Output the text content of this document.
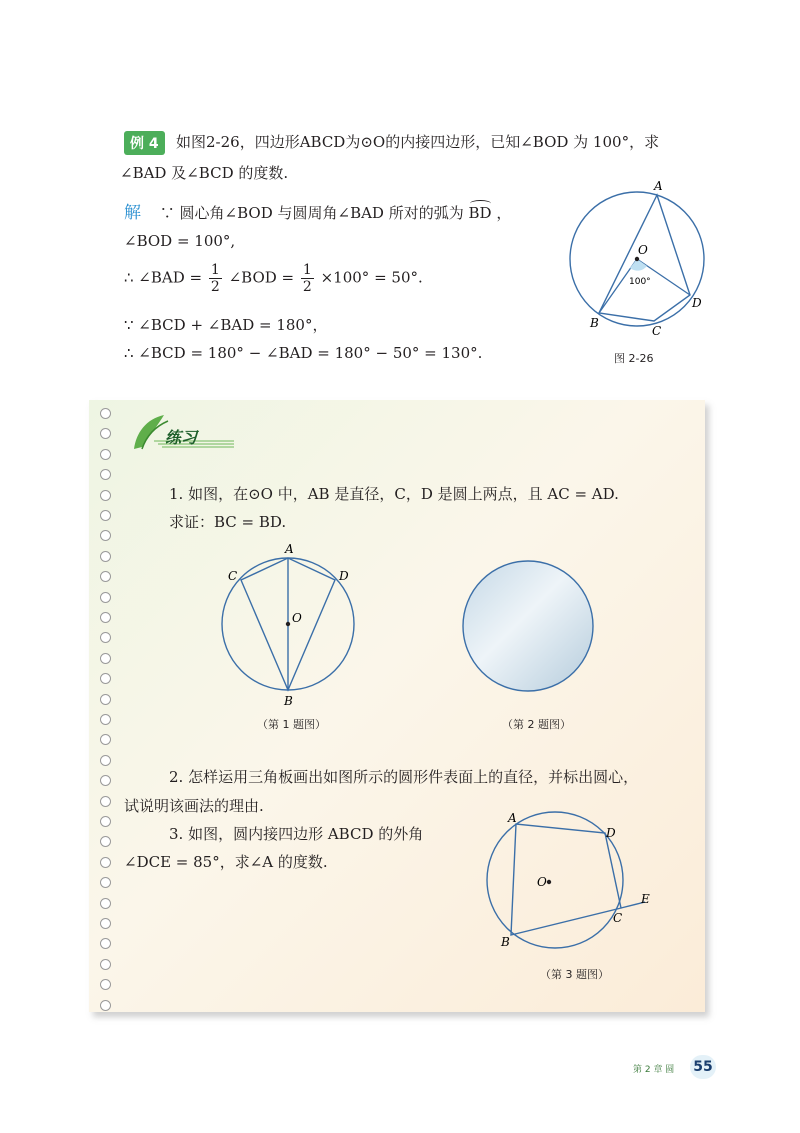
例 4	如图2-26，四边形ABCD为⊙O的内接四边形，已知∠BOD 为 100°，求
∠BAD 及∠BCD 的度数.
解 ∵ 圆心角∠BOD 与圆周角∠BAD 所对的弧为 BD ，
∠BOD = 100°,
∴ ∠BAD = $\frac{1}{2}$ ∠BOD = $\frac{1}{2} \times 100^\circ = 50^\circ$.
∵ ∠BCD + ∠BAD = 180°，
∴ ∠BCD = 180° − ∠BAD = 180° − 50° = 130°.
A
B
C
D
O
100°
图 2-26
练习
1. 如图，在⊙O 中，AB 是直径，C，D 是圆上两点，且 AC = AD.
求证：BC = BD.
A
B
C	D
O
（第 1 题图）	（第 2 题图）
2. 怎样运用三角板画出如图所示的圆形件表面上的直径，并标出圆心，
试说明该画法的理由.
3. 如图，圆内接四边形 ABCD 的外角
∠DCE = 85°，求∠A 的度数.
A
B
C
D
E
O
（第 3 题图）
第 2 章 圆 55
